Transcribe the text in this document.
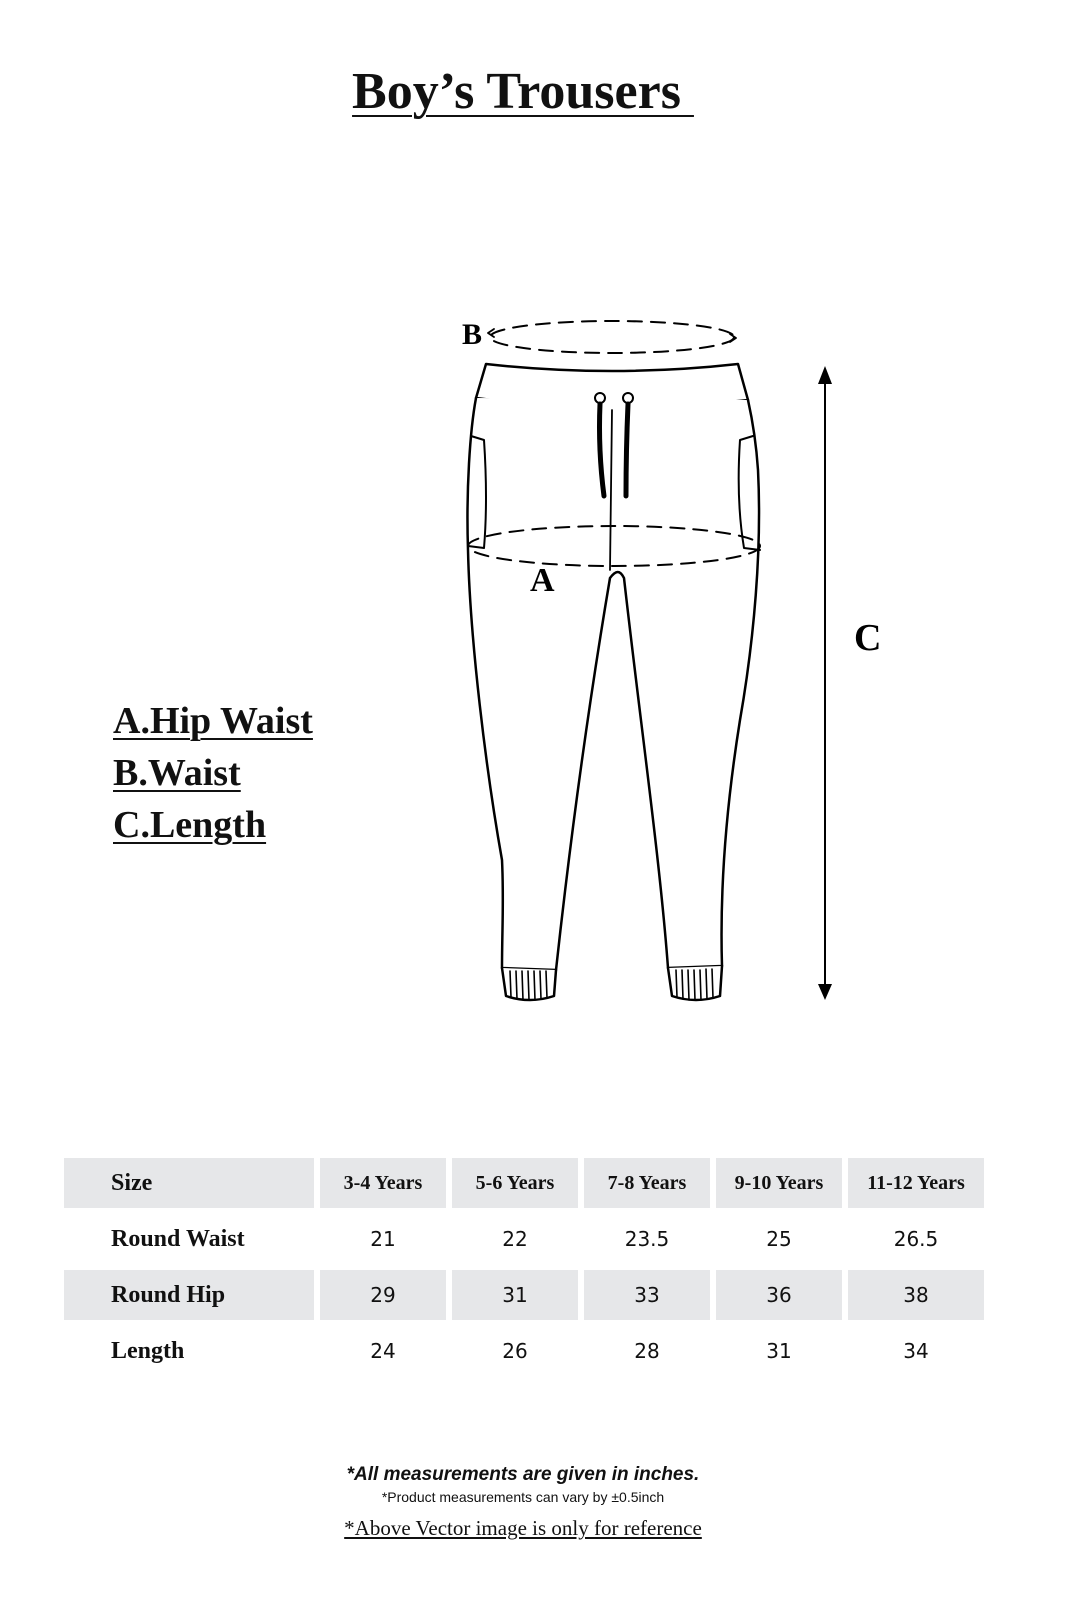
Boy’s Trousers
A.Hip Waist
B.Waist
C.Length
B
A
C
Size	3-4 Years	5-6 Years	7-8 Years	9-10 Years	11-12 Years
Round Waist	21	22	23.5	25	26.5
Round Hip	29	31	33	36	38
Length	24	26	28	31	34
*All measurements are given in inches.
*Product measurements can vary by ±0.5inch
*Above Vector image is only for reference
